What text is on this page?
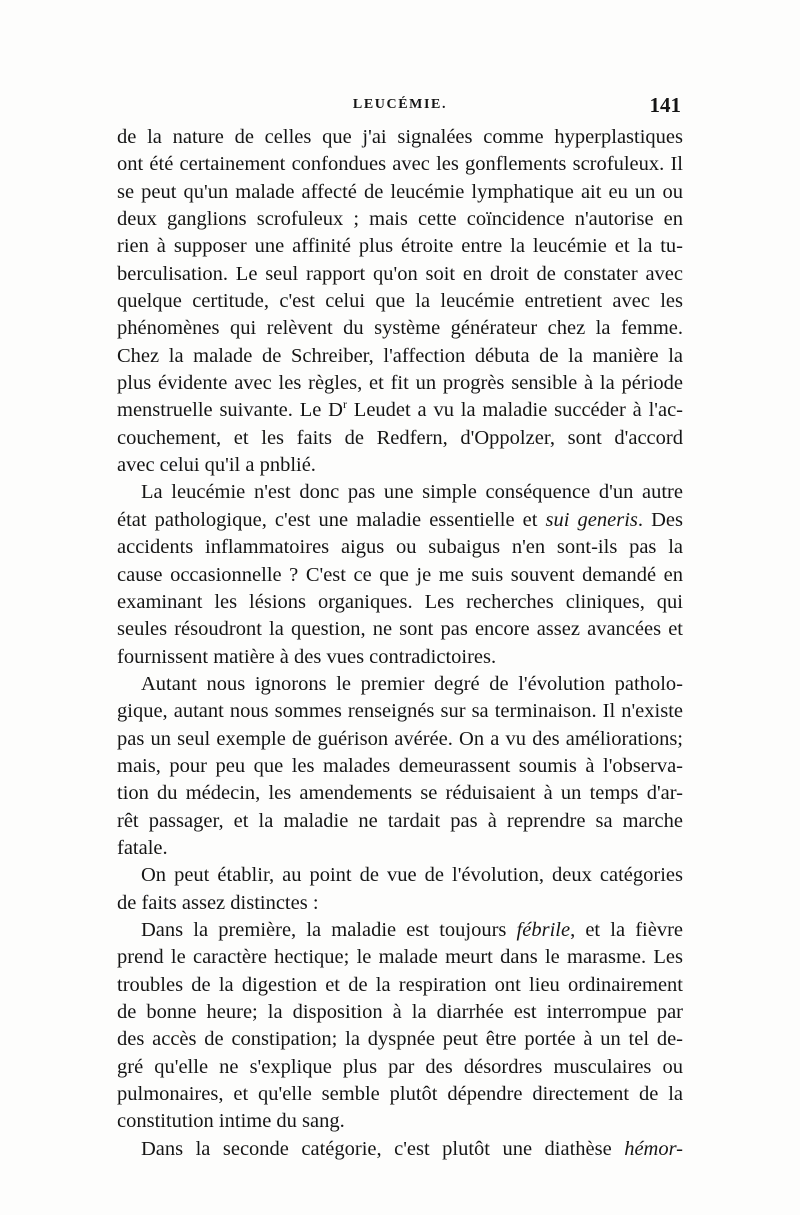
LEUCÉMIE.	141
de la nature de celles que j'ai signalées comme hyperplastiques
ont été certainement confondues avec les gonflements scrofuleux. Il
se peut qu'un malade affecté de leucémie lymphatique ait eu un ou
deux ganglions scrofuleux ; mais cette coïncidence n'autorise en
rien à supposer une affinité plus étroite entre la leucémie et la tu-
berculisation. Le seul rapport qu'on soit en droit de constater avec
quelque certitude, c'est celui que la leucémie entretient avec les
phénomènes qui relèvent du système générateur chez la femme.
Chez la malade de Schreiber, l'affection débuta de la manière la
plus évidente avec les règles, et fit un progrès sensible à la période
menstruelle suivante. Le $D^r$ Leudet a vu la maladie succéder à l'ac-
couchement, et les faits de Redfern, d'Oppolzer, sont d'accord
avec celui qu'il a pnblié.
La leucémie n'est donc pas une simple conséquence d'un autre
état pathologique, c'est une maladie essentielle et sui generis. Des
accidents inflammatoires aigus ou subaigus n'en sont-ils pas la
cause occasionnelle ? C'est ce que je me suis souvent demandé en
examinant les lésions organiques. Les recherches cliniques, qui
seules résoudront la question, ne sont pas encore assez avancées et
fournissent matière à des vues contradictoires.
Autant nous ignorons le premier degré de l'évolution patholo-
gique, autant nous sommes renseignés sur sa terminaison. Il n'existe
pas un seul exemple de guérison avérée. On a vu des améliorations;
mais, pour peu que les malades demeurassent soumis à l'observa-
tion du médecin, les amendements se réduisaient à un temps d'ar-
rêt passager, et la maladie ne tardait pas à reprendre sa marche
fatale.
On peut établir, au point de vue de l'évolution, deux catégories
de faits assez distinctes :
Dans la première, la maladie est toujours fébrile, et la fièvre
prend le caractère hectique; le malade meurt dans le marasme. Les
troubles de la digestion et de la respiration ont lieu ordinairement
de bonne heure; la disposition à la diarrhée est interrompue par
des accès de constipation; la dyspnée peut être portée à un tel de-
gré qu'elle ne s'explique plus par des désordres musculaires ou
pulmonaires, et qu'elle semble plutôt dépendre directement de la
constitution intime du sang.
Dans la seconde catégorie, c'est plutôt une diathèse hémor-
